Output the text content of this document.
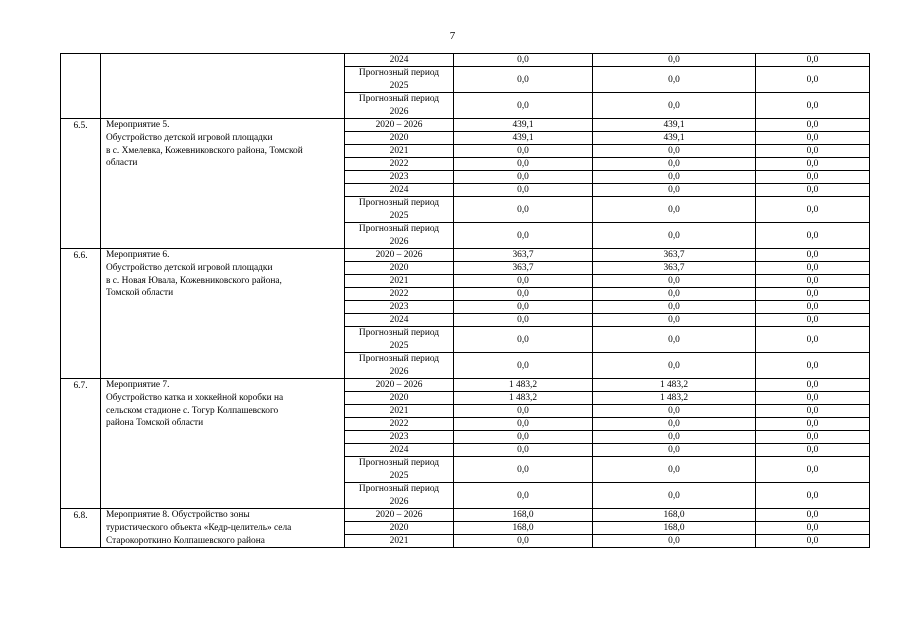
7
		2024	0,0	0,0	0,0
		Прогнозный период
2025	0,0	0,0	0,0
		Прогнозный период
2026	0,0	0,0	0,0
6.5.	Мероприятие 5.
Обустройство детской игровой площадки
в с. Хмелевка, Кожевниковского района, Томской
области	2020 – 2026	439,1	439,1	0,0
		2020	439,1	439,1	0,0
		2021	0,0	0,0	0,0
		2022	0,0	0,0	0,0
		2023	0,0	0,0	0,0
		2024	0,0	0,0	0,0
		Прогнозный период
2025	0,0	0,0	0,0
		Прогнозный период
2026	0,0	0,0	0,0
6.6.	Мероприятие 6.
Обустройство детской игровой площадки
в с. Новая Ювала, Кожевниковского района,
Томской области	2020 – 2026	363,7	363,7	0,0
		2020	363,7	363,7	0,0
		2021	0,0	0,0	0,0
		2022	0,0	0,0	0,0
		2023	0,0	0,0	0,0
		2024	0,0	0,0	0,0
		Прогнозный период
2025	0,0	0,0	0,0
		Прогнозный период
2026	0,0	0,0	0,0
6.7.	Мероприятие 7.
Обустройство катка и хоккейной коробки на
сельском стадионе с. Тогур Колпашевского
района Томской области	2020 – 2026	1 483,2	1 483,2	0,0
		2020	1 483,2	1 483,2	0,0
		2021	0,0	0,0	0,0
		2022	0,0	0,0	0,0
		2023	0,0	0,0	0,0
		2024	0,0	0,0	0,0
		Прогнозный период
2025	0,0	0,0	0,0
		Прогнозный период
2026	0,0	0,0	0,0
6.8.	Мероприятие 8. Обустройство зоны
туристического объекта «Кедр-целитель» села
Старокороткино Колпашевского района	2020 – 2026	168,0	168,0	0,0
		2020	168,0	168,0	0,0
		2021	0,0	0,0	0,0
